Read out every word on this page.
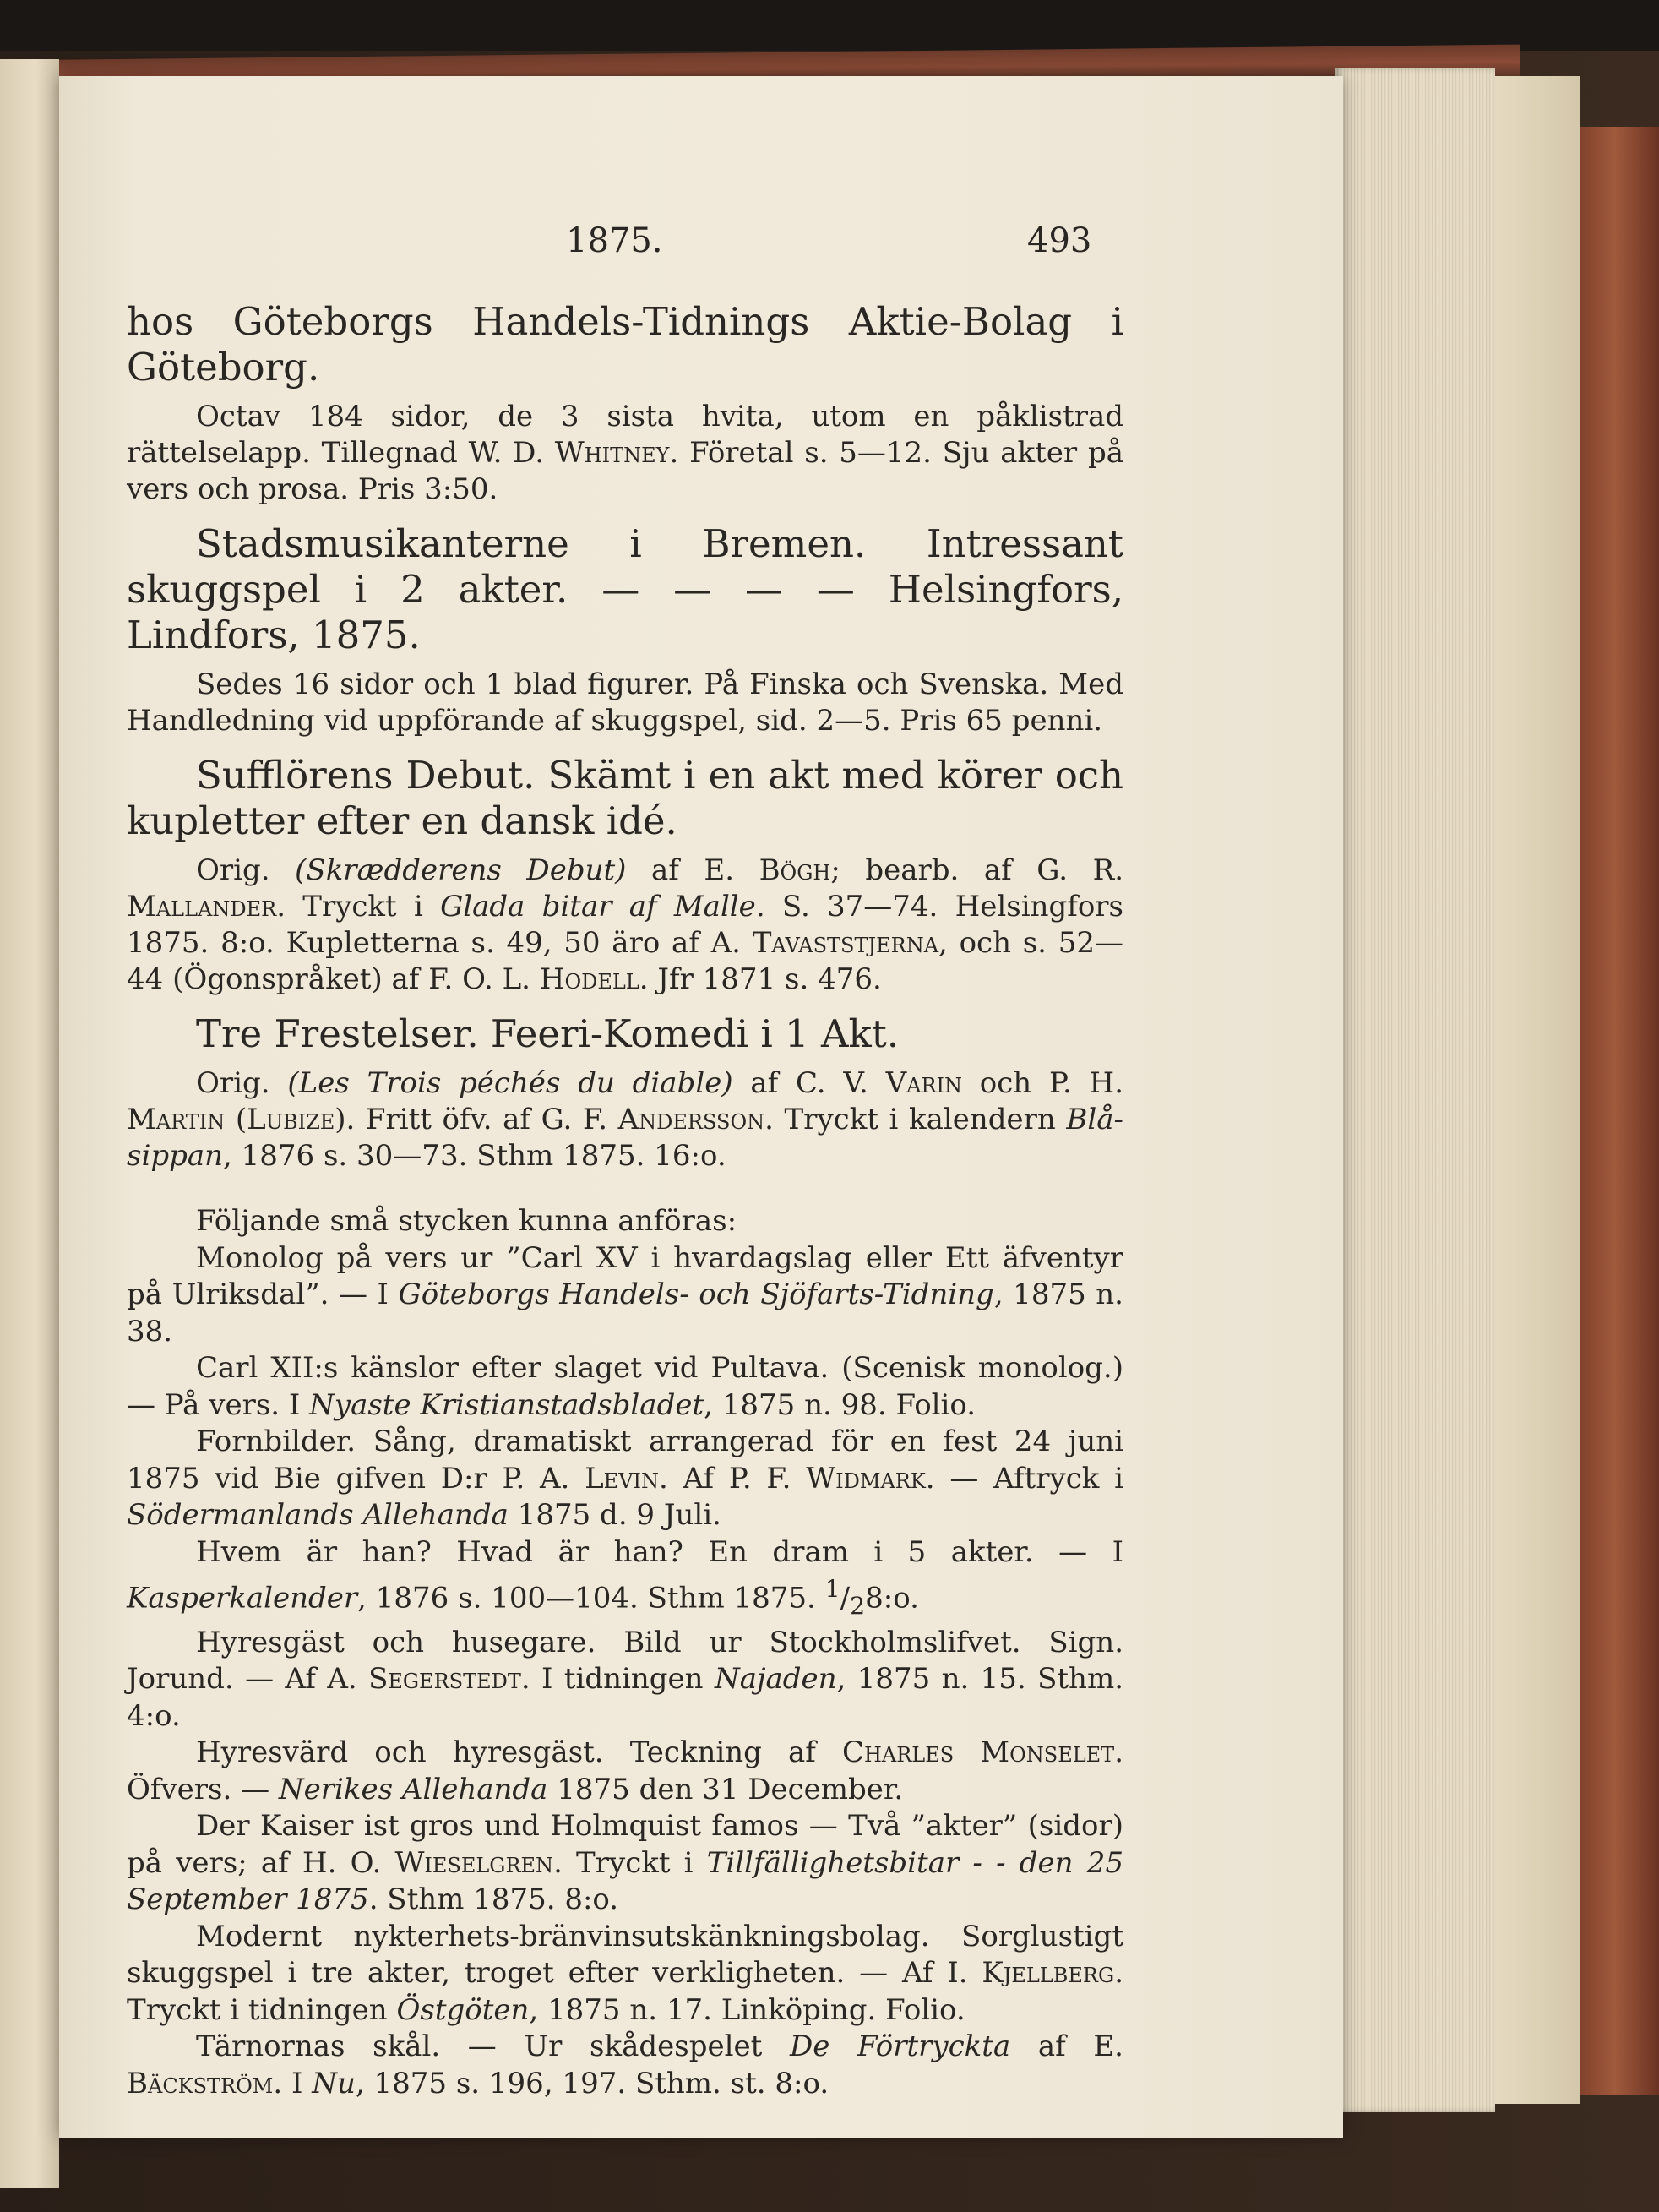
1875.	493
hos Göteborgs Handels-Tidnings Aktie-Bolag i Göteborg.
Octav 184 sidor, de 3 sista hvita, utom en påklistrad rättelselapp. Tillegnad W. D. Whitney. Företal s. 5—12. Sju akter på vers och prosa. Pris 3:50.
Stadsmusikanterne i Bremen. Intressant skuggspel i 2 akter. — — — — Helsingfors, Lindfors, 1875.
Sedes 16 sidor och 1 blad figurer. På Finska och Svenska. Med Handledning vid uppförande af skuggspel, sid. 2—5. Pris 65 penni.
Sufflörens Debut. Skämt i en akt med körer och kupletter efter en dansk idé.
Orig. (Skrædderens Debut) af E. Bögh; bearb. af G. R. Mallander. Tryckt i Glada bitar af Malle. S. 37—74. Helsingfors 1875. 8:o. Kupletterna s. 49, 50 äro af A. Tavaststjerna, och s. 52—44 (Ögonspråket) af F. O. L. Hodell. Jfr 1871 s. 476.
Tre Frestelser. Feeri-Komedi i 1 Akt.
Orig. (Les Trois péchés du diable) af C. V. Varin och P. H. Martin (Lubize). Fritt öfv. af G. F. Andersson. Tryckt i kalendern Blå-sippan, 1876 s. 30—73. Sthm 1875. 16:o.
Följande små stycken kunna anföras:
Monolog på vers ur ”Carl XV i hvardagslag eller Ett äfventyr på Ulriksdal”. — I Göteborgs Handels- och Sjöfarts-Tidning, 1875 n. 38.
Carl XII:s känslor efter slaget vid Pultava. (Scenisk monolog.) — På vers. I Nyaste Kristianstadsbladet, 1875 n. 98. Folio.
Fornbilder. Sång, dramatiskt arrangerad för en fest 24 juni 1875 vid Bie gifven D:r P. A. Levin. Af P. F. Widmark. — Aftryck i Södermanlands Allehanda 1875 d. 9 Juli.
Hvem är han? Hvad är han? En dram i 5 akter. — I Kasperkalender, 1876 s. 100—104. Sthm 1875. $^1/_28:o$.
Hyresgäst och husegare. Bild ur Stockholmslifvet. Sign. Jorund. — Af A. Segerstedt. I tidningen Najaden, 1875 n. 15. Sthm. 4:o.
Hyresvärd och hyresgäst. Teckning af Charles Monselet. Öfvers. — Nerikes Allehanda 1875 den 31 December.
Der Kaiser ist gros und Holmquist famos — Två ”akter” (sidor) på vers; af H. O. Wieselgren. Tryckt i Tillfällighetsbitar - - den 25 September 1875. Sthm 1875. 8:o.
Modernt nykterhets-bränvinsutskänkningsbolag. Sorglustigt skuggspel i tre akter, troget efter verkligheten. — Af I. Kjellberg. Tryckt i tidningen Östgöten, 1875 n. 17. Linköping. Folio.
Tärnornas skål. — Ur skådespelet De Förtryckta af E. Bäckström. I Nu, 1875 s. 196, 197. Sthm. st. 8:o.
